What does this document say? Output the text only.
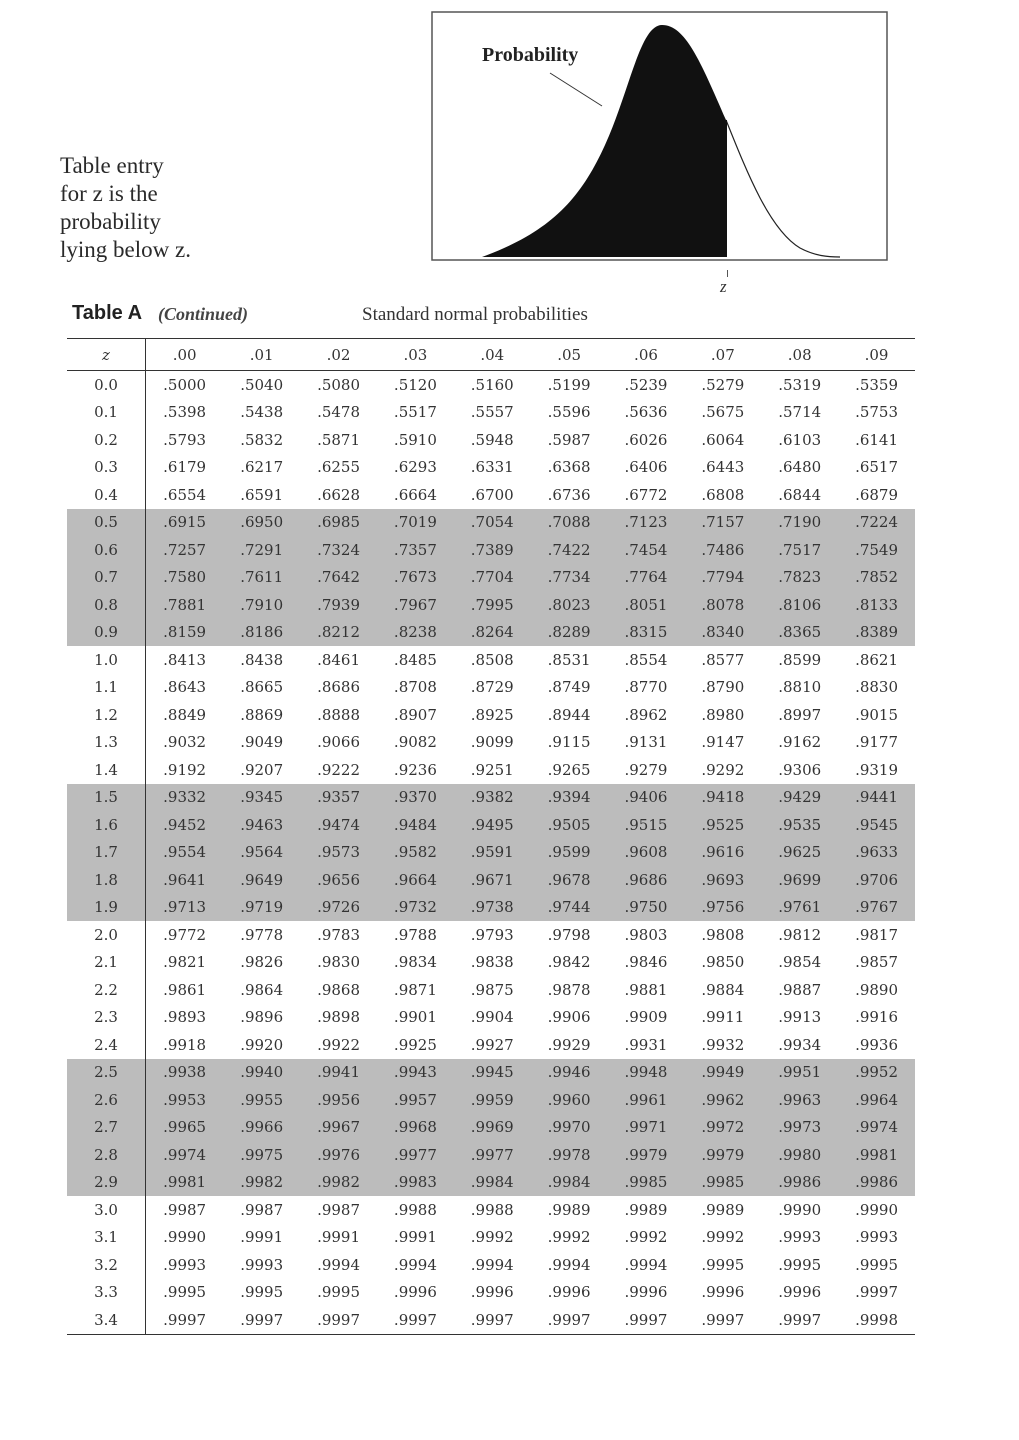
Table entry
for z is the
probability
lying below z.
Probability
z
Table A (Continued)	Standard normal probabilities
z	.00	.01	.02	.03	.04	.05	.06	.07	.08	.09
0.0	.5000	.5040	.5080	.5120	.5160	.5199	.5239	.5279	.5319	.5359
0.1	.5398	.5438	.5478	.5517	.5557	.5596	.5636	.5675	.5714	.5753
0.2	.5793	.5832	.5871	.5910	.5948	.5987	.6026	.6064	.6103	.6141
0.3	.6179	.6217	.6255	.6293	.6331	.6368	.6406	.6443	.6480	.6517
0.4	.6554	.6591	.6628	.6664	.6700	.6736	.6772	.6808	.6844	.6879
0.5	.6915	.6950	.6985	.7019	.7054	.7088	.7123	.7157	.7190	.7224
0.6	.7257	.7291	.7324	.7357	.7389	.7422	.7454	.7486	.7517	.7549
0.7	.7580	.7611	.7642	.7673	.7704	.7734	.7764	.7794	.7823	.7852
0.8	.7881	.7910	.7939	.7967	.7995	.8023	.8051	.8078	.8106	.8133
0.9	.8159	.8186	.8212	.8238	.8264	.8289	.8315	.8340	.8365	.8389
1.0	.8413	.8438	.8461	.8485	.8508	.8531	.8554	.8577	.8599	.8621
1.1	.8643	.8665	.8686	.8708	.8729	.8749	.8770	.8790	.8810	.8830
1.2	.8849	.8869	.8888	.8907	.8925	.8944	.8962	.8980	.8997	.9015
1.3	.9032	.9049	.9066	.9082	.9099	.9115	.9131	.9147	.9162	.9177
1.4	.9192	.9207	.9222	.9236	.9251	.9265	.9279	.9292	.9306	.9319
1.5	.9332	.9345	.9357	.9370	.9382	.9394	.9406	.9418	.9429	.9441
1.6	.9452	.9463	.9474	.9484	.9495	.9505	.9515	.9525	.9535	.9545
1.7	.9554	.9564	.9573	.9582	.9591	.9599	.9608	.9616	.9625	.9633
1.8	.9641	.9649	.9656	.9664	.9671	.9678	.9686	.9693	.9699	.9706
1.9	.9713	.9719	.9726	.9732	.9738	.9744	.9750	.9756	.9761	.9767
2.0	.9772	.9778	.9783	.9788	.9793	.9798	.9803	.9808	.9812	.9817
2.1	.9821	.9826	.9830	.9834	.9838	.9842	.9846	.9850	.9854	.9857
2.2	.9861	.9864	.9868	.9871	.9875	.9878	.9881	.9884	.9887	.9890
2.3	.9893	.9896	.9898	.9901	.9904	.9906	.9909	.9911	.9913	.9916
2.4	.9918	.9920	.9922	.9925	.9927	.9929	.9931	.9932	.9934	.9936
2.5	.9938	.9940	.9941	.9943	.9945	.9946	.9948	.9949	.9951	.9952
2.6	.9953	.9955	.9956	.9957	.9959	.9960	.9961	.9962	.9963	.9964
2.7	.9965	.9966	.9967	.9968	.9969	.9970	.9971	.9972	.9973	.9974
2.8	.9974	.9975	.9976	.9977	.9977	.9978	.9979	.9979	.9980	.9981
2.9	.9981	.9982	.9982	.9983	.9984	.9984	.9985	.9985	.9986	.9986
3.0	.9987	.9987	.9987	.9988	.9988	.9989	.9989	.9989	.9990	.9990
3.1	.9990	.9991	.9991	.9991	.9992	.9992	.9992	.9992	.9993	.9993
3.2	.9993	.9993	.9994	.9994	.9994	.9994	.9994	.9995	.9995	.9995
3.3	.9995	.9995	.9995	.9996	.9996	.9996	.9996	.9996	.9996	.9997
3.4	.9997	.9997	.9997	.9997	.9997	.9997	.9997	.9997	.9997	.9998
